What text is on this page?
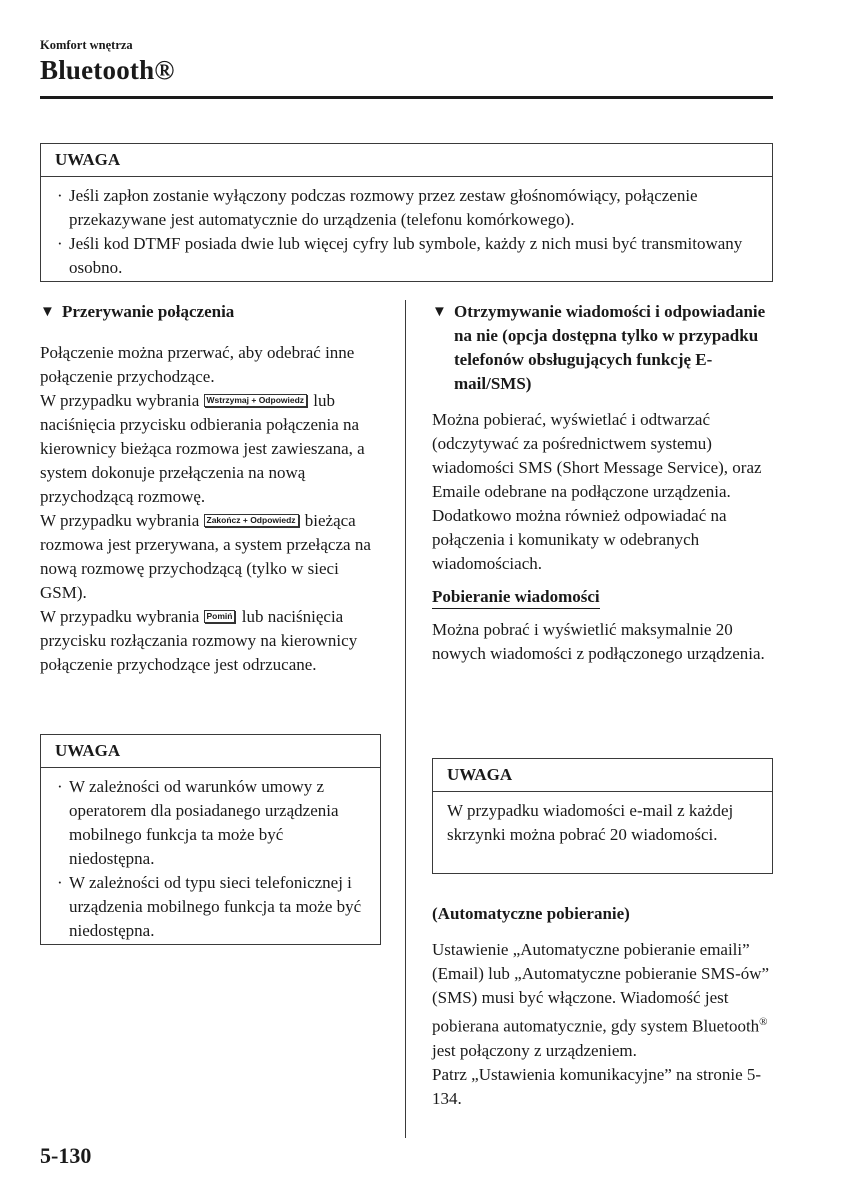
Komfort wnętrza
Bluetooth®
UWAGA
· Jeśli zapłon zostanie wyłączony podczas rozmowy przez zestaw głośnomówiący, połączenie przekazywane jest automatycznie do urządzenia (telefonu komórkowego).
· Jeśli kod DTMF posiada dwie lub więcej cyfry lub symbole, każdy z nich musi być transmitowany osobno.
▼ Przerywanie połączenia

Połączenie można przerwać, aby odebrać inne połączenie przychodzące.

W przypadku wybrania Wstrzymaj + Odpowiedz lub naciśnięcia przycisku odbierania połączenia na kierownicy bieżąca rozmowa jest zawieszana, a system dokonuje przełączenia na nową przychodzącą rozmowę.

W przypadku wybrania Zakończ + Odpowiedz bieżąca rozmowa jest przerywana, a system przełącza na nową rozmowę przychodzącą (tylko w sieci GSM).

W przypadku wybrania Pomiń lub naciśnięcia przycisku rozłączania rozmowy na kierownicy połączenie przychodzące jest odrzucane.

UWAGA
· W zależności od warunków umowy z operatorem dla posiadanego urządzenia mobilnego funkcja ta może być niedostępna.
· W zależności od typu sieci telefonicznej i urządzenia mobilnego funkcja ta może być niedostępna.
▼ Otrzymywanie wiadomości i odpowiadanie na nie (opcja dostępna tylko w przypadku telefonów obsługujących funkcję E-mail/SMS)

Można pobierać, wyświetlać i odtwarzać (odczytywać za pośrednictwem systemu) wiadomości SMS (Short Message Service), oraz Emaile odebrane na podłączone urządzenia.

Dodatkowo można również odpowiadać na połączenia i komunikaty w odebranych wiadomościach.

Pobieranie wiadomości

Można pobrać i wyświetlić maksymalnie 20 nowych wiadomości z podłączonego urządzenia.

UWAGA
W przypadku wiadomości e-mail z każdej skrzynki można pobrać 20 wiadomości.

(Automatyczne pobieranie)

Ustawienie „Automatyczne pobieranie emaili” (Email) lub „Automatyczne pobieranie SMS-ów” (SMS) musi być włączone. Wiadomość jest pobierana automatycznie, gdy system Bluetooth® jest połączony z urządzeniem.

Patrz „Ustawienia komunikacyjne” na stronie 5-134.

5-130
